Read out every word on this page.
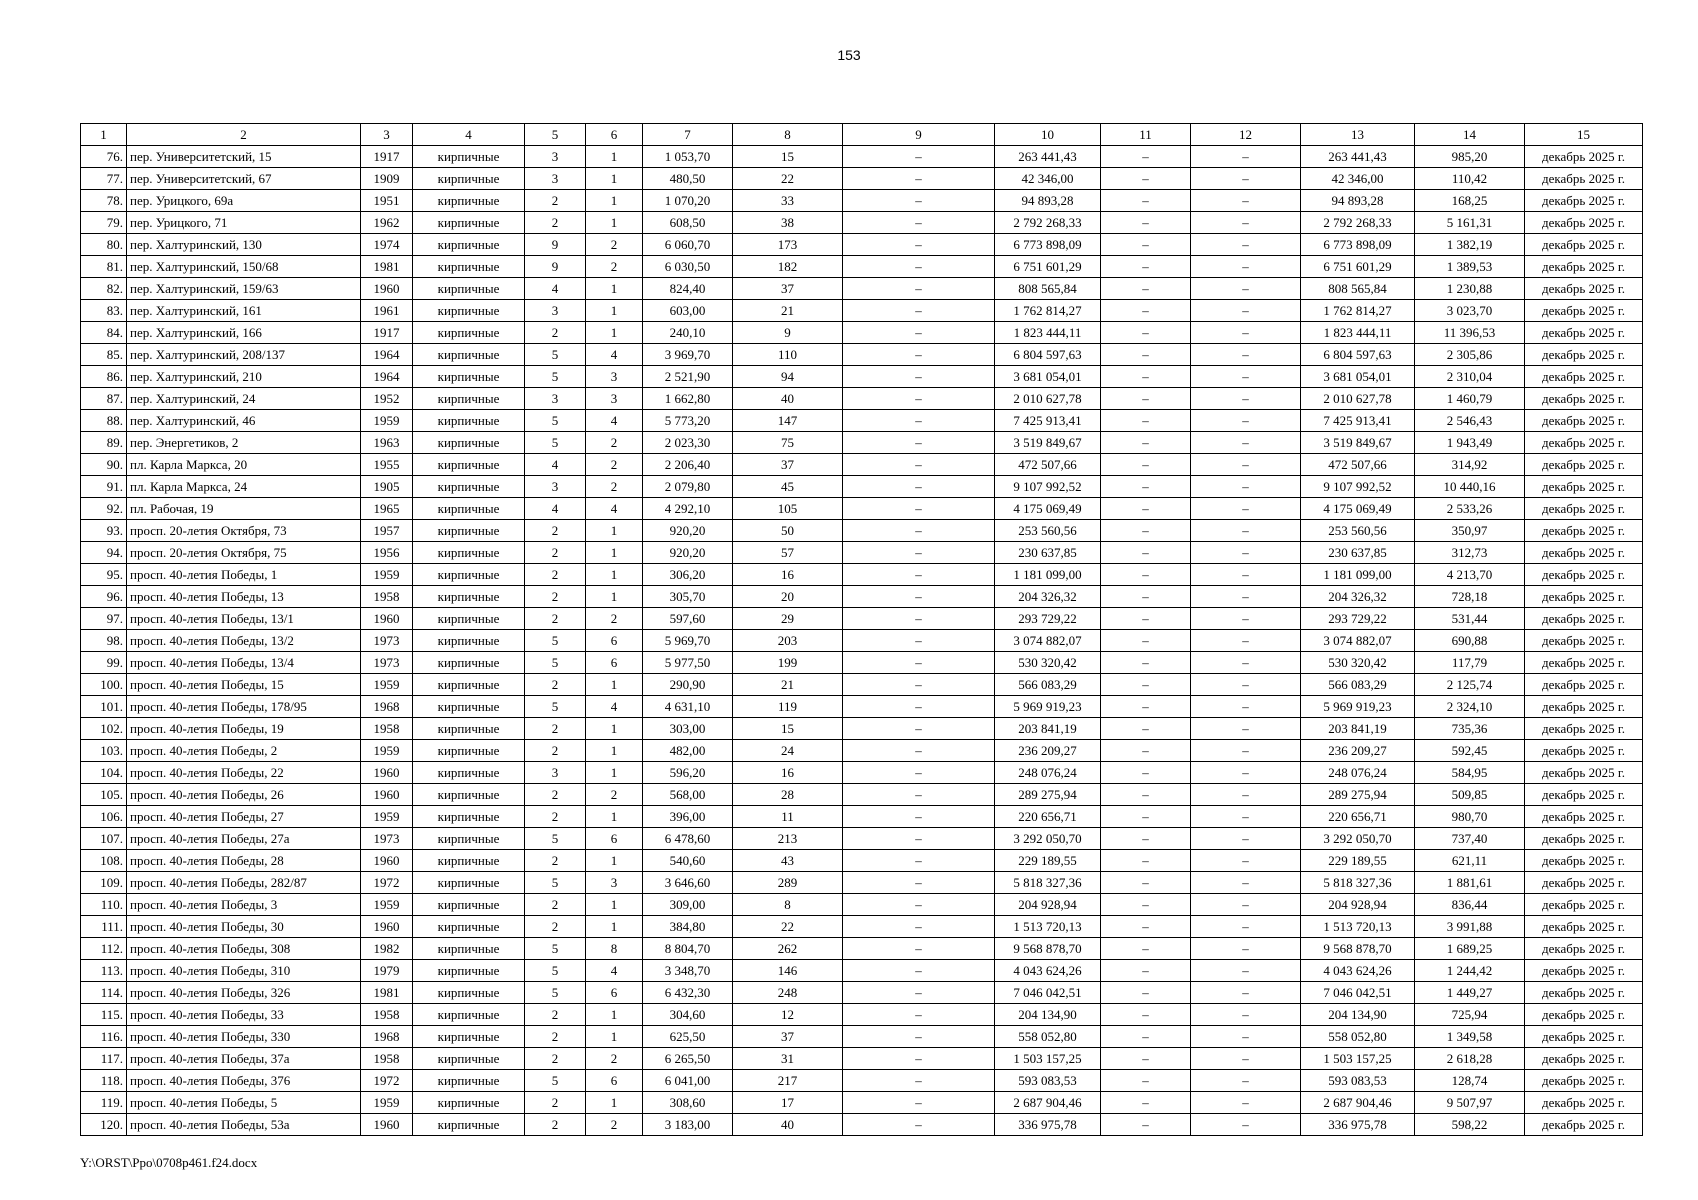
153
1	2	3	4	5	6	7	8	9	10	11	12	13	14	15
76.	пер. Университетский, 15	1917	кирпичные	3	1	1 053,70	15	–	263 441,43	–	–	263 441,43	985,20	декабрь 2025 г.
77.	пер. Университетский, 67	1909	кирпичные	3	1	480,50	22	–	42 346,00	–	–	42 346,00	110,42	декабрь 2025 г.
78.	пер. Урицкого, 69а	1951	кирпичные	2	1	1 070,20	33	–	94 893,28	–	–	94 893,28	168,25	декабрь 2025 г.
79.	пер. Урицкого, 71	1962	кирпичные	2	1	608,50	38	–	2 792 268,33	–	–	2 792 268,33	5 161,31	декабрь 2025 г.
80.	пер. Халтуринский, 130	1974	кирпичные	9	2	6 060,70	173	–	6 773 898,09	–	–	6 773 898,09	1 382,19	декабрь 2025 г.
81.	пер. Халтуринский, 150/68	1981	кирпичные	9	2	6 030,50	182	–	6 751 601,29	–	–	6 751 601,29	1 389,53	декабрь 2025 г.
82.	пер. Халтуринский, 159/63	1960	кирпичные	4	1	824,40	37	–	808 565,84	–	–	808 565,84	1 230,88	декабрь 2025 г.
83.	пер. Халтуринский, 161	1961	кирпичные	3	1	603,00	21	–	1 762 814,27	–	–	1 762 814,27	3 023,70	декабрь 2025 г.
84.	пер. Халтуринский, 166	1917	кирпичные	2	1	240,10	9	–	1 823 444,11	–	–	1 823 444,11	11 396,53	декабрь 2025 г.
85.	пер. Халтуринский, 208/137	1964	кирпичные	5	4	3 969,70	110	–	6 804 597,63	–	–	6 804 597,63	2 305,86	декабрь 2025 г.
86.	пер. Халтуринский, 210	1964	кирпичные	5	3	2 521,90	94	–	3 681 054,01	–	–	3 681 054,01	2 310,04	декабрь 2025 г.
87.	пер. Халтуринский, 24	1952	кирпичные	3	3	1 662,80	40	–	2 010 627,78	–	–	2 010 627,78	1 460,79	декабрь 2025 г.
88.	пер. Халтуринский, 46	1959	кирпичные	5	4	5 773,20	147	–	7 425 913,41	–	–	7 425 913,41	2 546,43	декабрь 2025 г.
89.	пер. Энергетиков, 2	1963	кирпичные	5	2	2 023,30	75	–	3 519 849,67	–	–	3 519 849,67	1 943,49	декабрь 2025 г.
90.	пл. Карла Маркса, 20	1955	кирпичные	4	2	2 206,40	37	–	472 507,66	–	–	472 507,66	314,92	декабрь 2025 г.
91.	пл. Карла Маркса, 24	1905	кирпичные	3	2	2 079,80	45	–	9 107 992,52	–	–	9 107 992,52	10 440,16	декабрь 2025 г.
92.	пл. Рабочая, 19	1965	кирпичные	4	4	4 292,10	105	–	4 175 069,49	–	–	4 175 069,49	2 533,26	декабрь 2025 г.
93.	просп. 20-летия Октября, 73	1957	кирпичные	2	1	920,20	50	–	253 560,56	–	–	253 560,56	350,97	декабрь 2025 г.
94.	просп. 20-летия Октября, 75	1956	кирпичные	2	1	920,20	57	–	230 637,85	–	–	230 637,85	312,73	декабрь 2025 г.
95.	просп. 40-летия Победы, 1	1959	кирпичные	2	1	306,20	16	–	1 181 099,00	–	–	1 181 099,00	4 213,70	декабрь 2025 г.
96.	просп. 40-летия Победы, 13	1958	кирпичные	2	1	305,70	20	–	204 326,32	–	–	204 326,32	728,18	декабрь 2025 г.
97.	просп. 40-летия Победы, 13/1	1960	кирпичные	2	2	597,60	29	–	293 729,22	–	–	293 729,22	531,44	декабрь 2025 г.
98.	просп. 40-летия Победы, 13/2	1973	кирпичные	5	6	5 969,70	203	–	3 074 882,07	–	–	3 074 882,07	690,88	декабрь 2025 г.
99.	просп. 40-летия Победы, 13/4	1973	кирпичные	5	6	5 977,50	199	–	530 320,42	–	–	530 320,42	117,79	декабрь 2025 г.
100.	просп. 40-летия Победы, 15	1959	кирпичные	2	1	290,90	21	–	566 083,29	–	–	566 083,29	2 125,74	декабрь 2025 г.
101.	просп. 40-летия Победы, 178/95	1968	кирпичные	5	4	4 631,10	119	–	5 969 919,23	–	–	5 969 919,23	2 324,10	декабрь 2025 г.
102.	просп. 40-летия Победы, 19	1958	кирпичные	2	1	303,00	15	–	203 841,19	–	–	203 841,19	735,36	декабрь 2025 г.
103.	просп. 40-летия Победы, 2	1959	кирпичные	2	1	482,00	24	–	236 209,27	–	–	236 209,27	592,45	декабрь 2025 г.
104.	просп. 40-летия Победы, 22	1960	кирпичные	3	1	596,20	16	–	248 076,24	–	–	248 076,24	584,95	декабрь 2025 г.
105.	просп. 40-летия Победы, 26	1960	кирпичные	2	2	568,00	28	–	289 275,94	–	–	289 275,94	509,85	декабрь 2025 г.
106.	просп. 40-летия Победы, 27	1959	кирпичные	2	1	396,00	11	–	220 656,71	–	–	220 656,71	980,70	декабрь 2025 г.
107.	просп. 40-летия Победы, 27а	1973	кирпичные	5	6	6 478,60	213	–	3 292 050,70	–	–	3 292 050,70	737,40	декабрь 2025 г.
108.	просп. 40-летия Победы, 28	1960	кирпичные	2	1	540,60	43	–	229 189,55	–	–	229 189,55	621,11	декабрь 2025 г.
109.	просп. 40-летия Победы, 282/87	1972	кирпичные	5	3	3 646,60	289	–	5 818 327,36	–	–	5 818 327,36	1 881,61	декабрь 2025 г.
110.	просп. 40-летия Победы, 3	1959	кирпичные	2	1	309,00	8	–	204 928,94	–	–	204 928,94	836,44	декабрь 2025 г.
111.	просп. 40-летия Победы, 30	1960	кирпичные	2	1	384,80	22	–	1 513 720,13	–	–	1 513 720,13	3 991,88	декабрь 2025 г.
112.	просп. 40-летия Победы, 308	1982	кирпичные	5	8	8 804,70	262	–	9 568 878,70	–	–	9 568 878,70	1 689,25	декабрь 2025 г.
113.	просп. 40-летия Победы, 310	1979	кирпичные	5	4	3 348,70	146	–	4 043 624,26	–	–	4 043 624,26	1 244,42	декабрь 2025 г.
114.	просп. 40-летия Победы, 326	1981	кирпичные	5	6	6 432,30	248	–	7 046 042,51	–	–	7 046 042,51	1 449,27	декабрь 2025 г.
115.	просп. 40-летия Победы, 33	1958	кирпичные	2	1	304,60	12	–	204 134,90	–	–	204 134,90	725,94	декабрь 2025 г.
116.	просп. 40-летия Победы, 330	1968	кирпичные	2	1	625,50	37	–	558 052,80	–	–	558 052,80	1 349,58	декабрь 2025 г.
117.	просп. 40-летия Победы, 37а	1958	кирпичные	2	2	6 265,50	31	–	1 503 157,25	–	–	1 503 157,25	2 618,28	декабрь 2025 г.
118.	просп. 40-летия Победы, 376	1972	кирпичные	5	6	6 041,00	217	–	593 083,53	–	–	593 083,53	128,74	декабрь 2025 г.
119.	просп. 40-летия Победы, 5	1959	кирпичные	2	1	308,60	17	–	2 687 904,46	–	–	2 687 904,46	9 507,97	декабрь 2025 г.
120.	просп. 40-летия Победы, 53а	1960	кирпичные	2	2	3 183,00	40	–	336 975,78	–	–	336 975,78	598,22	декабрь 2025 г.
Y:\ORST\Ppo\0708p461.f24.docx
